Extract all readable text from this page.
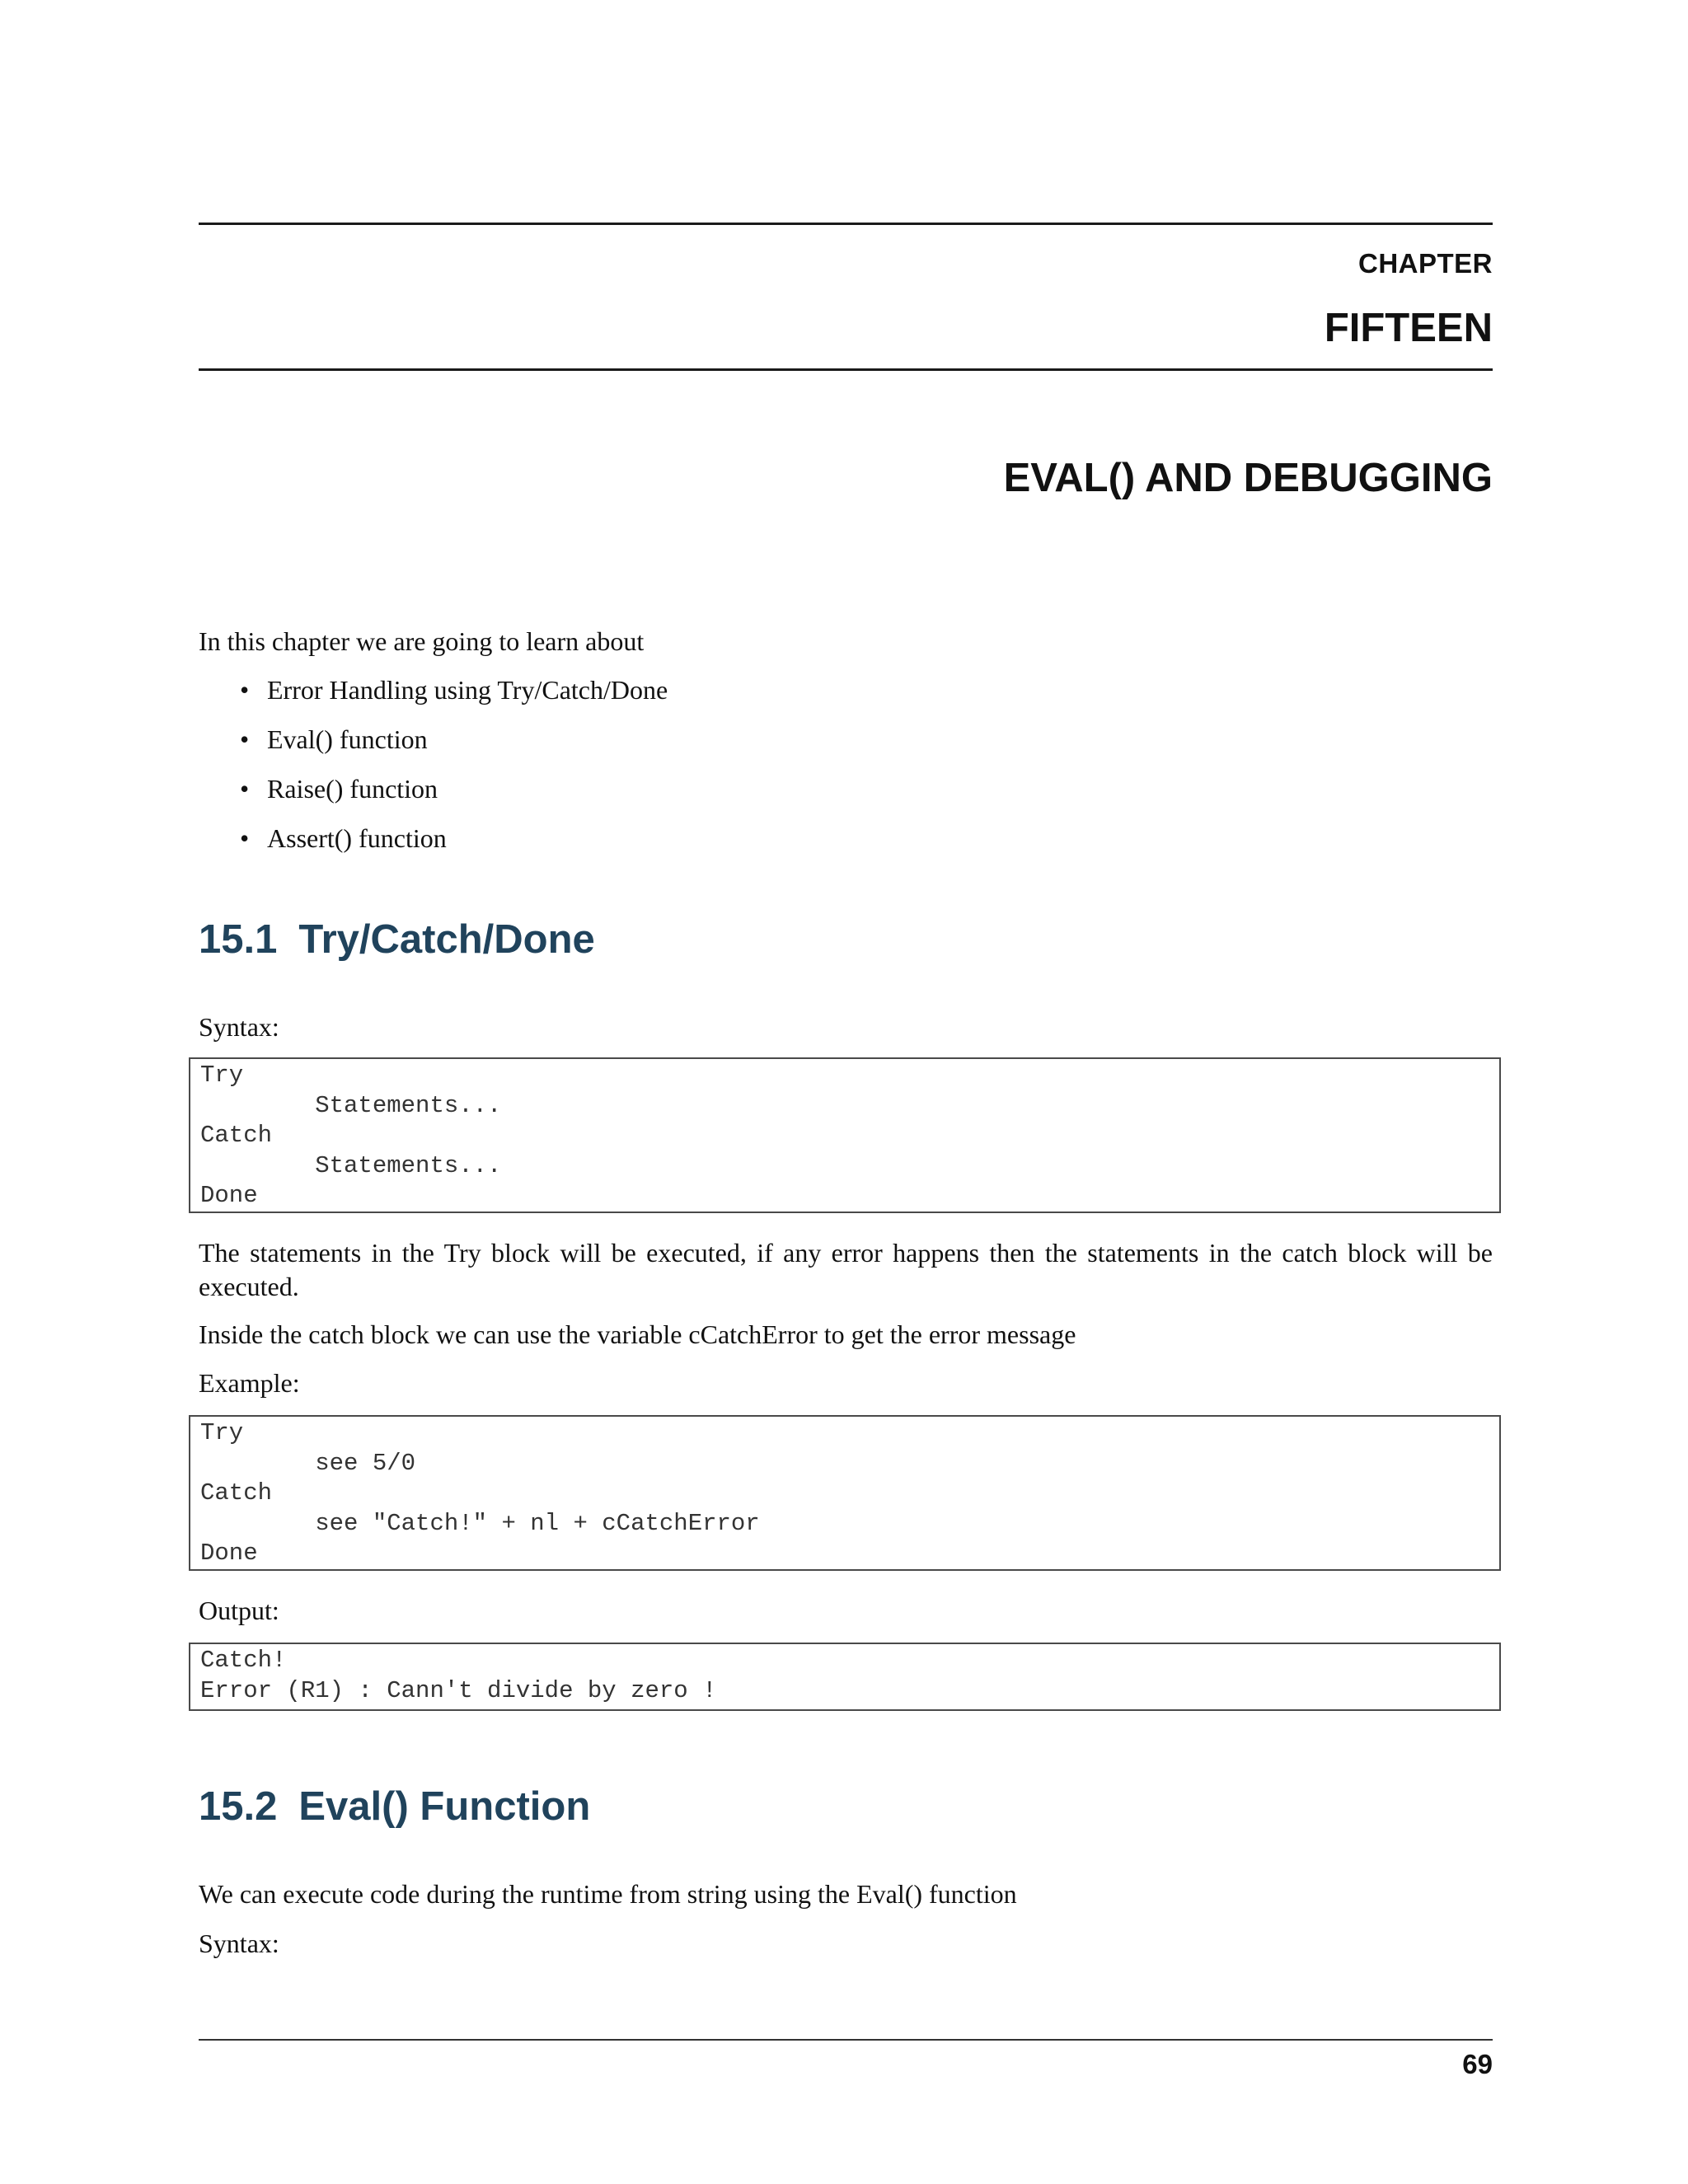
CHAPTER
FIFTEEN
EVAL() AND DEBUGGING
In this chapter we are going to learn about
• Error Handling using Try/Catch/Done
• Eval() function
• Raise() function
• Assert() function
15.1 Try/Catch/Done
Syntax:
Try
Statements...
Catch
Statements...
Done
The statements in the Try block will be executed, if any error happens then the statements in the catch block will be executed.
Inside the catch block we can use the variable cCatchError to get the error message
Example:
Try
see 5/0
Catch
see "Catch!" + nl + cCatchError
Done
Output:
Catch!
Error (R1) : Cann't divide by zero !
15.2 Eval() Function
We can execute code during the runtime from string using the Eval() function
Syntax:
69
